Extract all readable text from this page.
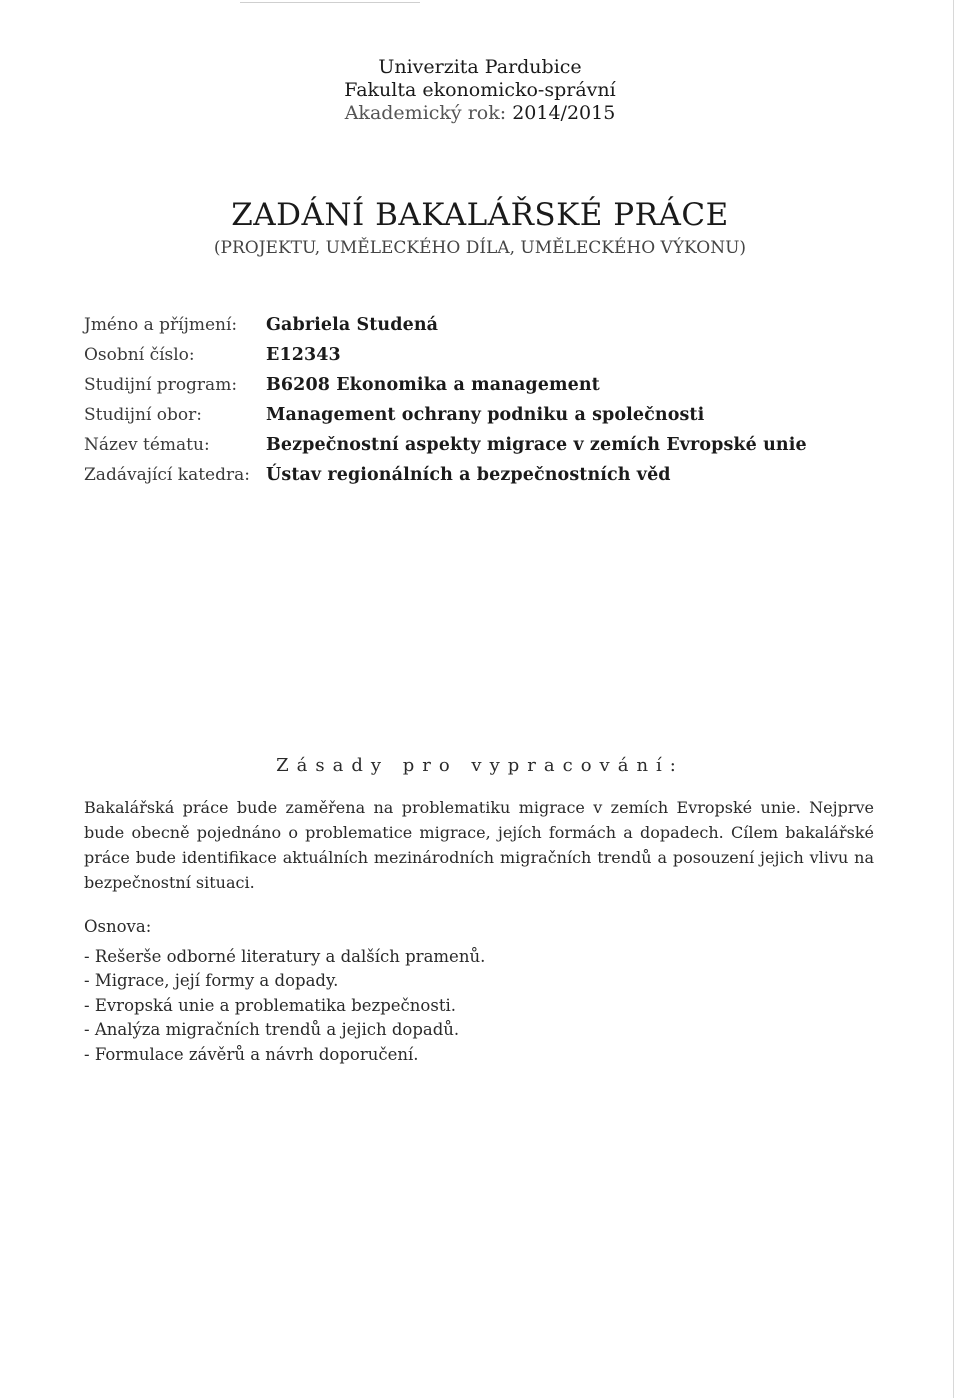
Univerzita Pardubice
Fakulta ekonomicko-správní
Akademický rok: 2014/2015
ZADÁNÍ BAKALÁŘSKÉ PRÁCE
(PROJEKTU, UMĚLECKÉHO DÍLA, UMĚLECKÉHO VÝKONU)
Jméno a příjmení:	Gabriela Studená
Osobní číslo:	E12343
Studijní program:	B6208 Ekonomika a management
Studijní obor:	Management ochrany podniku a společnosti
Název tématu:	Bezpečnostní aspekty migrace v zemích Evropské unie
Zadávající katedra: Ústav regionálních a bezpečnostních věd
Zásady pro vypracování:
Bakalářská práce bude zaměřena na problematiku migrace v zemích Evropské unie. Nejprve bude obecně pojednáno o problematice migrace, jejích formách a dopadech. Cílem bakalářské práce bude identifikace aktuálních mezinárodních migračních trendů a posouzení jejich vlivu na bezpečnostní situaci.
Osnova:
- Rešerše odborné literatury a dalších pramenů.
- Migrace, její formy a dopady.
- Evropská unie a problematika bezpečnosti.
- Analýza migračních trendů a jejich dopadů.
- Formulace závěrů a návrh doporučení.
